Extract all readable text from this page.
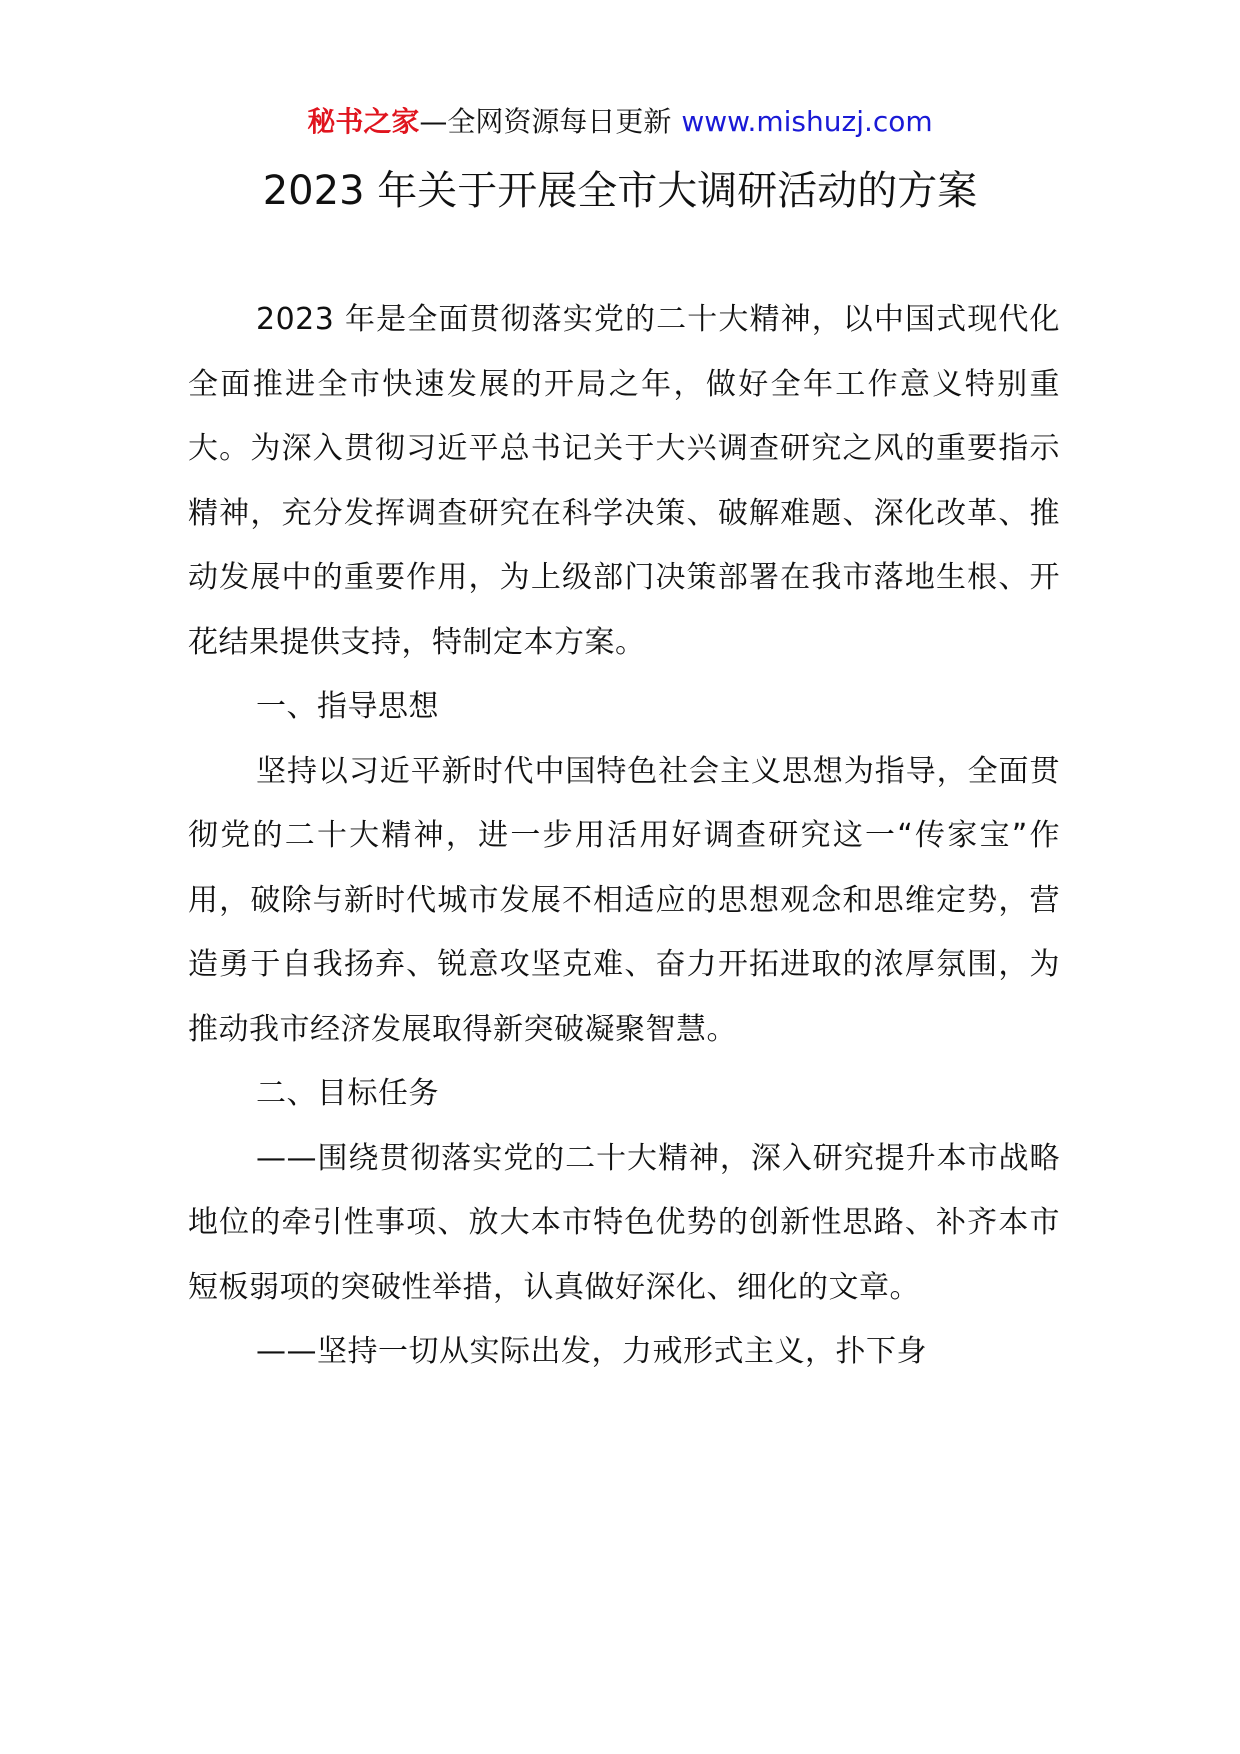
秘书之家—全网资源每日更新 www.mishuzj.com
2023 年关于开展全市大调研活动的方案

2023 年是全面贯彻落实党的二十大精神，以中国式现代化全面推进全市快速发展的开局之年，做好全年工作意义特别重大。为深入贯彻习近平总书记关于大兴调查研究之风的重要指示精神，充分发挥调查研究在科学决策、破解难题、深化改革、推动发展中的重要作用，为上级部门决策部署在我市落地生根、开花结果提供支持，特制定本方案。

一、指导思想

坚持以习近平新时代中国特色社会主义思想为指导，全面贯彻党的二十大精神，进一步用活用好调查研究这一“传家宝”作用，破除与新时代城市发展不相适应的思想观念和思维定势，营造勇于自我扬弃、锐意攻坚克难、奋力开拓进取的浓厚氛围，为推动我市经济发展取得新突破凝聚智慧。

二、目标任务

——围绕贯彻落实党的二十大精神，深入研究提升本市战略地位的牵引性事项、放大本市特色优势的创新性思路、补齐本市短板弱项的突破性举措，认真做好深化、细化的文章。

——坚持一切从实际出发，力戒形式主义，扑下身
